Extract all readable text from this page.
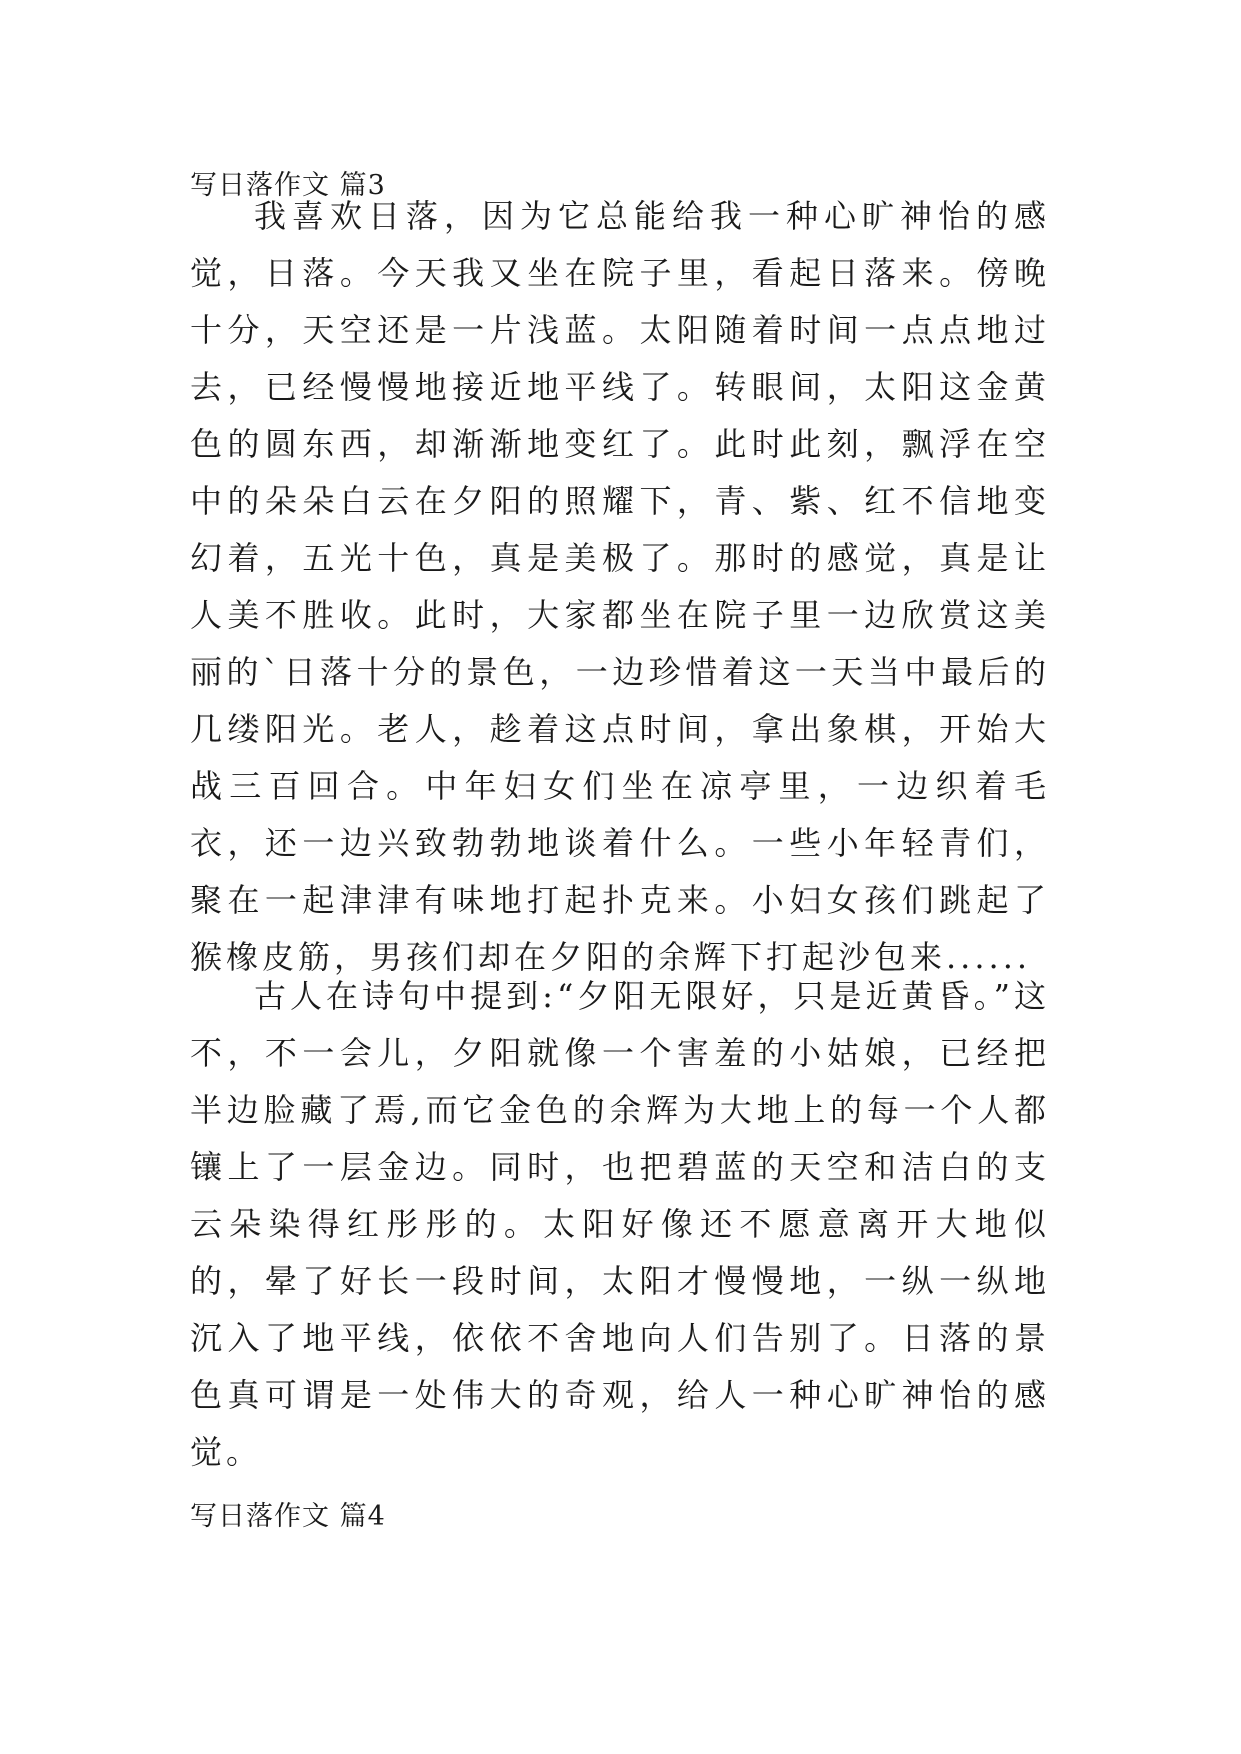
写日落作文 篇3

我喜欢日落，因为它总能给我一种心旷神怡的感觉，日落。今天我又坐在院子里，看起日落来。傍晚十分，天空还是一片浅蓝。太阳随着时间一点点地过去，已经慢慢地接近地平线了。转眼间，太阳这金黄色的圆东西，却渐渐地变红了。此时此刻，飘浮在空中的朵朵白云在夕阳的照耀下，青、紫、红不信地变幻着，五光十色，真是美极了。那时的感觉，真是让人美不胜收。此时，大家都坐在院子里一边欣赏这美丽的`日落十分的景色，一边珍惜着这一天当中最后的几缕阳光。老人，趁着这点时间，拿出象棋，开始大战三百回合。中年妇女们坐在凉亭里，一边织着毛衣，还一边兴致勃勃地谈着什么。一些小年轻青们，聚在一起津津有味地打起扑克来。小妇女孩们跳起了猴橡皮筋，男孩们却在夕阳的余辉下打起沙包来......

古人在诗句中提到:“夕阳无限好，只是近黄昏。”这不，不一会儿，夕阳就像一个害羞的小姑娘，已经把半边脸藏了焉,而它金色的余辉为大地上的每一个人都镶上了一层金边。同时，也把碧蓝的天空和洁白的支云朵染得红彤彤的。太阳好像还不愿意离开大地似的，晕了好长一段时间，太阳才慢慢地，一纵一纵地沉入了地平线，依依不舍地向人们告别了。日落的景色真可谓是一处伟大的奇观，给人一种心旷神怡的感觉。

写日落作文 篇4
